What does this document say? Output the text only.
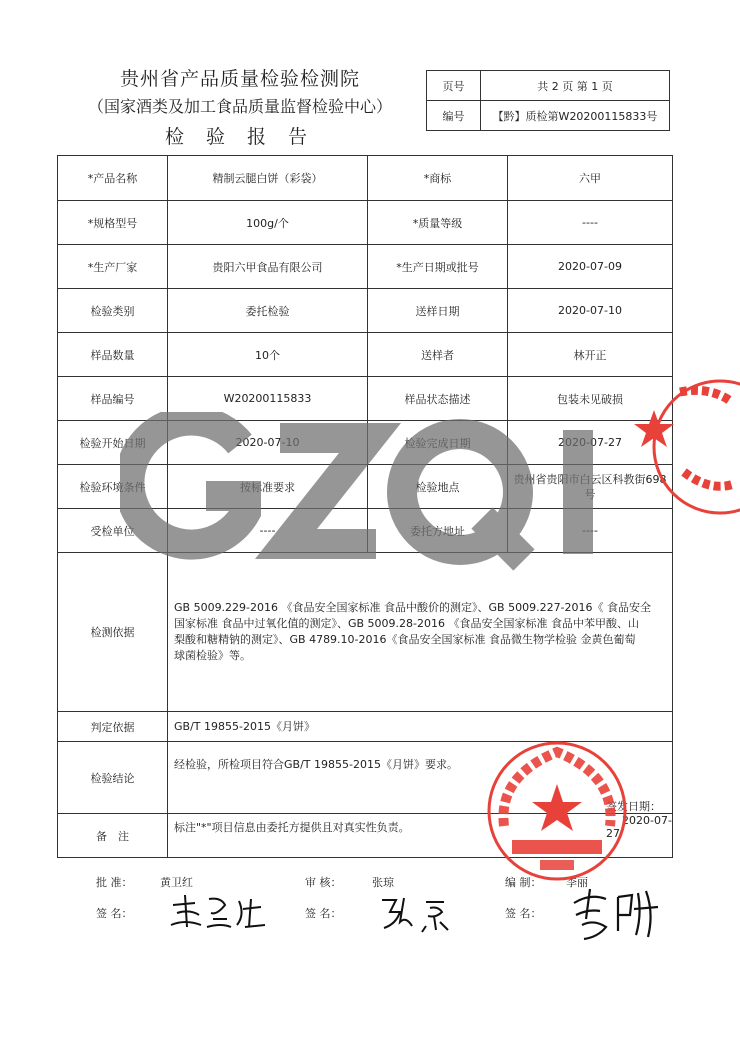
贵州省产品质量检验检测院
（国家酒类及加工食品质量监督检验中心）
检 验 报 告
页号	共 2 页 第 1 页
编号	【黔】质检第W20200115833号
*产品名称	精制云腿白饼（彩袋）	*商标	六甲
*规格型号	100g/个	*质量等级	----
*生产厂家	贵阳六甲食品有限公司	*生产日期或批号	2020-07-09
检验类别	委托检验	送样日期	2020-07-10
样品数量	10个	送样者	林开正
样品编号	W20200115833	样品状态描述	包装未见破损
检验开始日期	2020-07-10	检验完成日期	2020-07-27
检验环境条件	按标准要求	检验地点	贵州省贵阳市白云区科教街698
号

受检单位	----	委托方地址	----
检测依据	GB 5009.229-2016 《食品安全国家标准 食品中酸价的测定》、GB 5009.227-2016《 食品安全
国家标准 食品中过氧化值的测定》、GB 5009.28-2016 《食品安全国家标准 食品中苯甲酸、山
梨酸和糖精钠的测定》、GB 4789.10-2016《食品安全国家标准 食品微生物学检验 金黄色葡萄
球菌检验》等。		

判定依据	GB/T 19855-2015《月饼》		
检验结论	经检验，所检项目符合GB/T 19855-2015《月饼》要求。
签发日期： 2020-07-27		

备　注	标注"*"项目信息由委托方提供且对真实性负责。		
批 准：	黄卫红	审 核：	张琼	编 制： 李丽
签 名：	签 名：	签 名：
